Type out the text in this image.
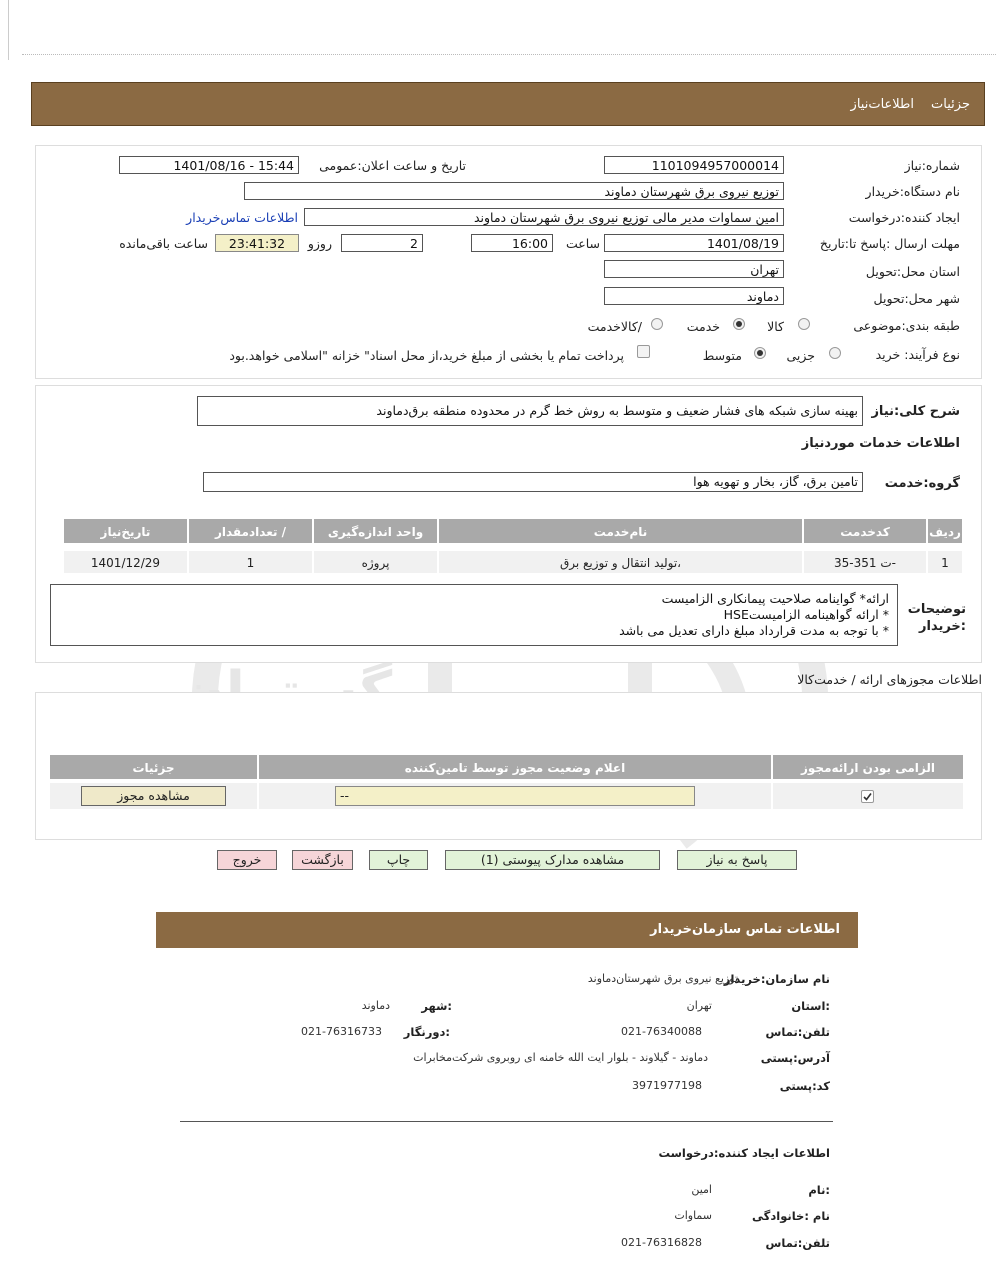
جزئیات
اطلاعات‌نیاز
شماره:نیاز
1101094957000014
تاریخ و ساعت اعلان:عمومی
1401/08/16 - 15:44
نام دستگاه:خریدار
توزیع نیروی برق شهرستان دماوند
ایجاد کننده:درخواست
امین سماوات مدیر مالی توزیع نیروی برق شهرستان دماوند
اطلاعات تماس‌خریدار
مهلت ارسال :پاسخ تا:تاریخ
1401/08/19
ساعت
16:00
روزو	2
23:41:32
ساعت باقی‌مانده
استان محل:تحویل
تهران
شهر محل:تحویل
دماوند
طبقه بندی:موضوعی
کالا
خدمت
/کالاخدمت
نوع فرآیند: خرید
جزیی
متوسط
پرداخت تمام یا بخشی از مبلغ خرید،از محل اسناد" خزانه "اسلامی خواهد.بود
شرح کلی:نیاز
بهینه سازی شبکه های فشار ضعیف و متوسط به روش خط گرم در محدوده منطقه برق‌دماوند
اطلاعات خدمات موردنیاز
گروه:خدمت
تامین برق، گاز، بخار و تهویه هوا
ردیف
کدخدمت
نام‌خدمت
واحد اندازه‌گیری
/ تعدادمقدار
تاریخ‌نیاز
1
ت 351-35-
،تولید انتقال و توزیع برق
پروژه
1
1401/12/29
توضیحات :خریدار
ارائه* گواینامه صلاحیت پیمانکاری الزامیست
* ارائه گواهینامه الزامیستHSE
* با توجه به مدت قرارداد مبلغ دارای تعدیل می باشد
اطلاعات مجوزهای ارائه / خدمت‌کالا
الزامی بودن ارائه‌مجوز
اعلام وضعیت مجوز توسط تامین‌کننده
جزئیات
--
مشاهده مجوز
پاسخ به نیاز
مشاهده مدارک پیوستی (1)
چاپ
بازگشت
خروج
اطلاعات تماس سازمان‌خریدار
نام سازمان:خریدار
توزیع نیروی برق شهرستان‌دماوند
:استان
تهران
:شهر
دماوند
تلفن:تماس
021-76340088
:دورنگار
021-76316733
آدرس:پستی
دماوند - گیلاوند - بلوار ایت الله خامنه ای روبروی شرکت‌مخابرات
کد:پستی
3971977198
اطلاعات ایجاد کننده:درخواست
:نام
امین
نام :خانوادگی
سماوات
تلفن:تماس
021-76316828
